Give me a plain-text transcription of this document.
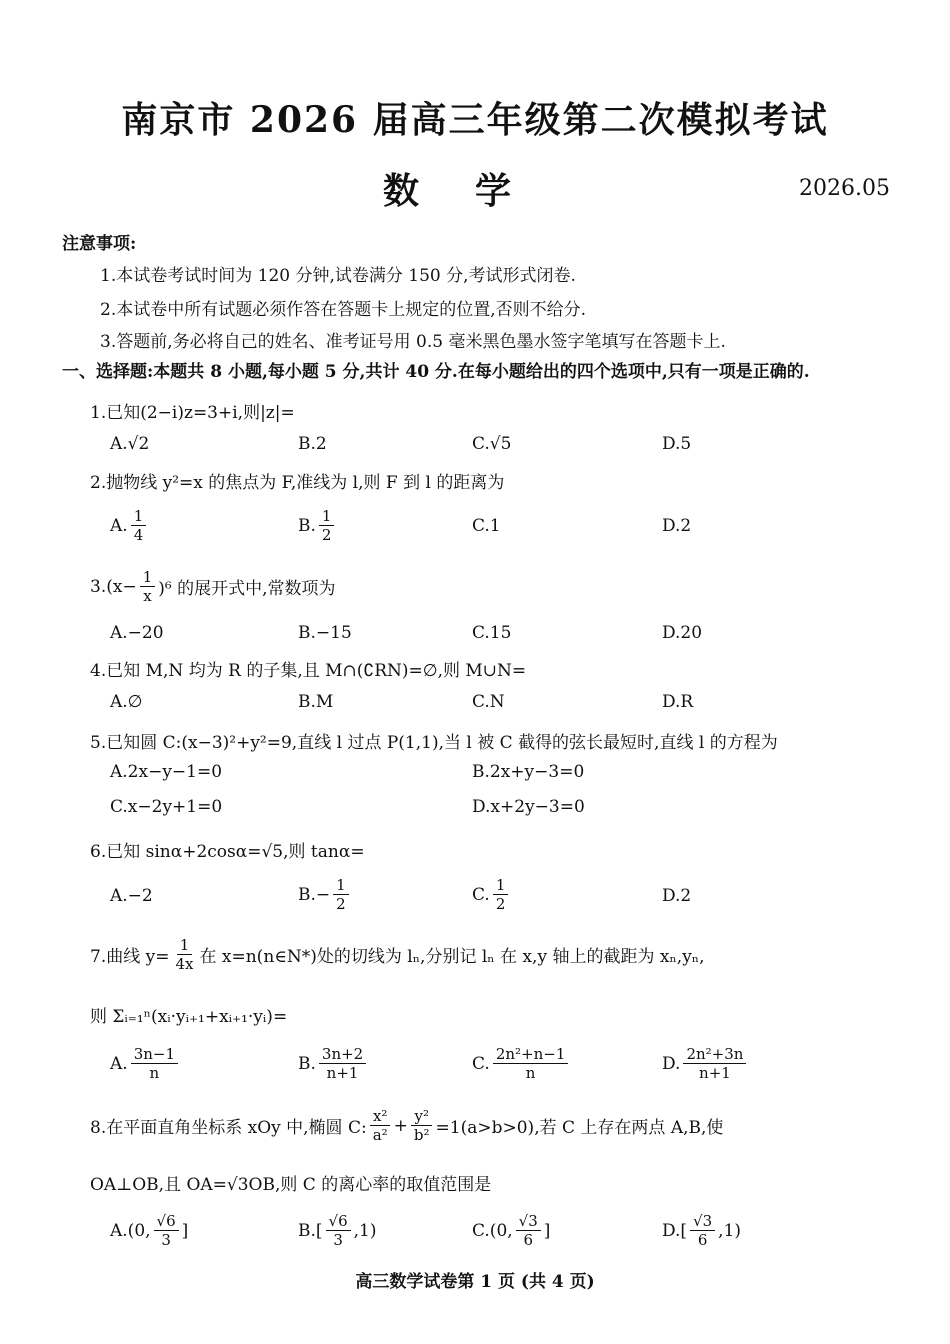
南京市 2026 届高三年级第二次模拟考试
数学	2026.05
注意事项:
1.本试卷考试时间为 120 分钟,试卷满分 150 分,考试形式闭卷.
2.本试卷中所有试题必须作答在答题卡上规定的位置,否则不给分.
3.答题前,务必将自己的姓名、准考证号用 0.5 毫米黑色墨水签字笔填写在答题卡上.
一、选择题:本题共 8 小题,每小题 5 分,共计 40 分.在每小题给出的四个选项中,只有一项是正确的.
1.已知(2−i)z=3+i,则|z|=
A.√2	B.2	C.√5	D.5
2.抛物线 y²=x 的焦点为 F,准线为 l,则 F 到 l 的距离为
A. $\frac{1}{4}$	B. $\frac{1}{2}$	C.1	D.2
$3.(x- \frac{1}{x} )^6$ 的展开式中,常数项为
A.−20	B.−15	C.15	D.20
4.已知 M,N 均为 R 的子集,且 M∩(∁RN)=∅,则 M∪N=
A.∅	B.M	C.N	D.R
5.已知圆 C:(x−3)²+y²=9,直线 l 过点 P(1,1),当 l 被 C 截得的弦长最短时,直线 l 的方程为
A.2x−y−1=0	B.2x+y−3=0
C.x−2y+1=0	D.x+2y−3=0
6.已知 sinα+2cosα=√5,则 tanα=
A.−2	$B.- \frac{1}{2}$	C. $\frac{1}{2}$	D.2
7.曲线 $y= \frac{1}{4x}$ 在 x=n(n∈N*)处的切线为 lₙ,分别记 lₙ 在 x,y 轴上的截距为 xₙ,yₙ,
则 Σᵢ₌₁ⁿ(xᵢ·yᵢ₊₁+xᵢ₊₁·yᵢ)=
A. $\frac{3n-1}{n}$	B. $\frac{3n+2}{n+1}$	C. $\frac{\text{2n²+n−1}}{n}$	D. $\frac{\text{2n²+3n}}{n+1}$
8.在平面直角坐标系 xOy 中,椭圆 C: $\frac{\text{x²}}{\text{a²}} + \frac{\text{y²}}{\text{b²}} =1(a>b>0)$,若 C 上存在两点 A,B,使
OA⊥OB,且 OA=√3OB,则 C 的离心率的取值范围是
A.(0, $\frac{√6}{3}$ ]	$B.[ \frac{√6}{3} ,1)$	C.(0, $\frac{√3}{6}$ ]	$D.[ \frac{√3}{6} ,1)$
高三数学试卷第 1 页 (共 4 页)
